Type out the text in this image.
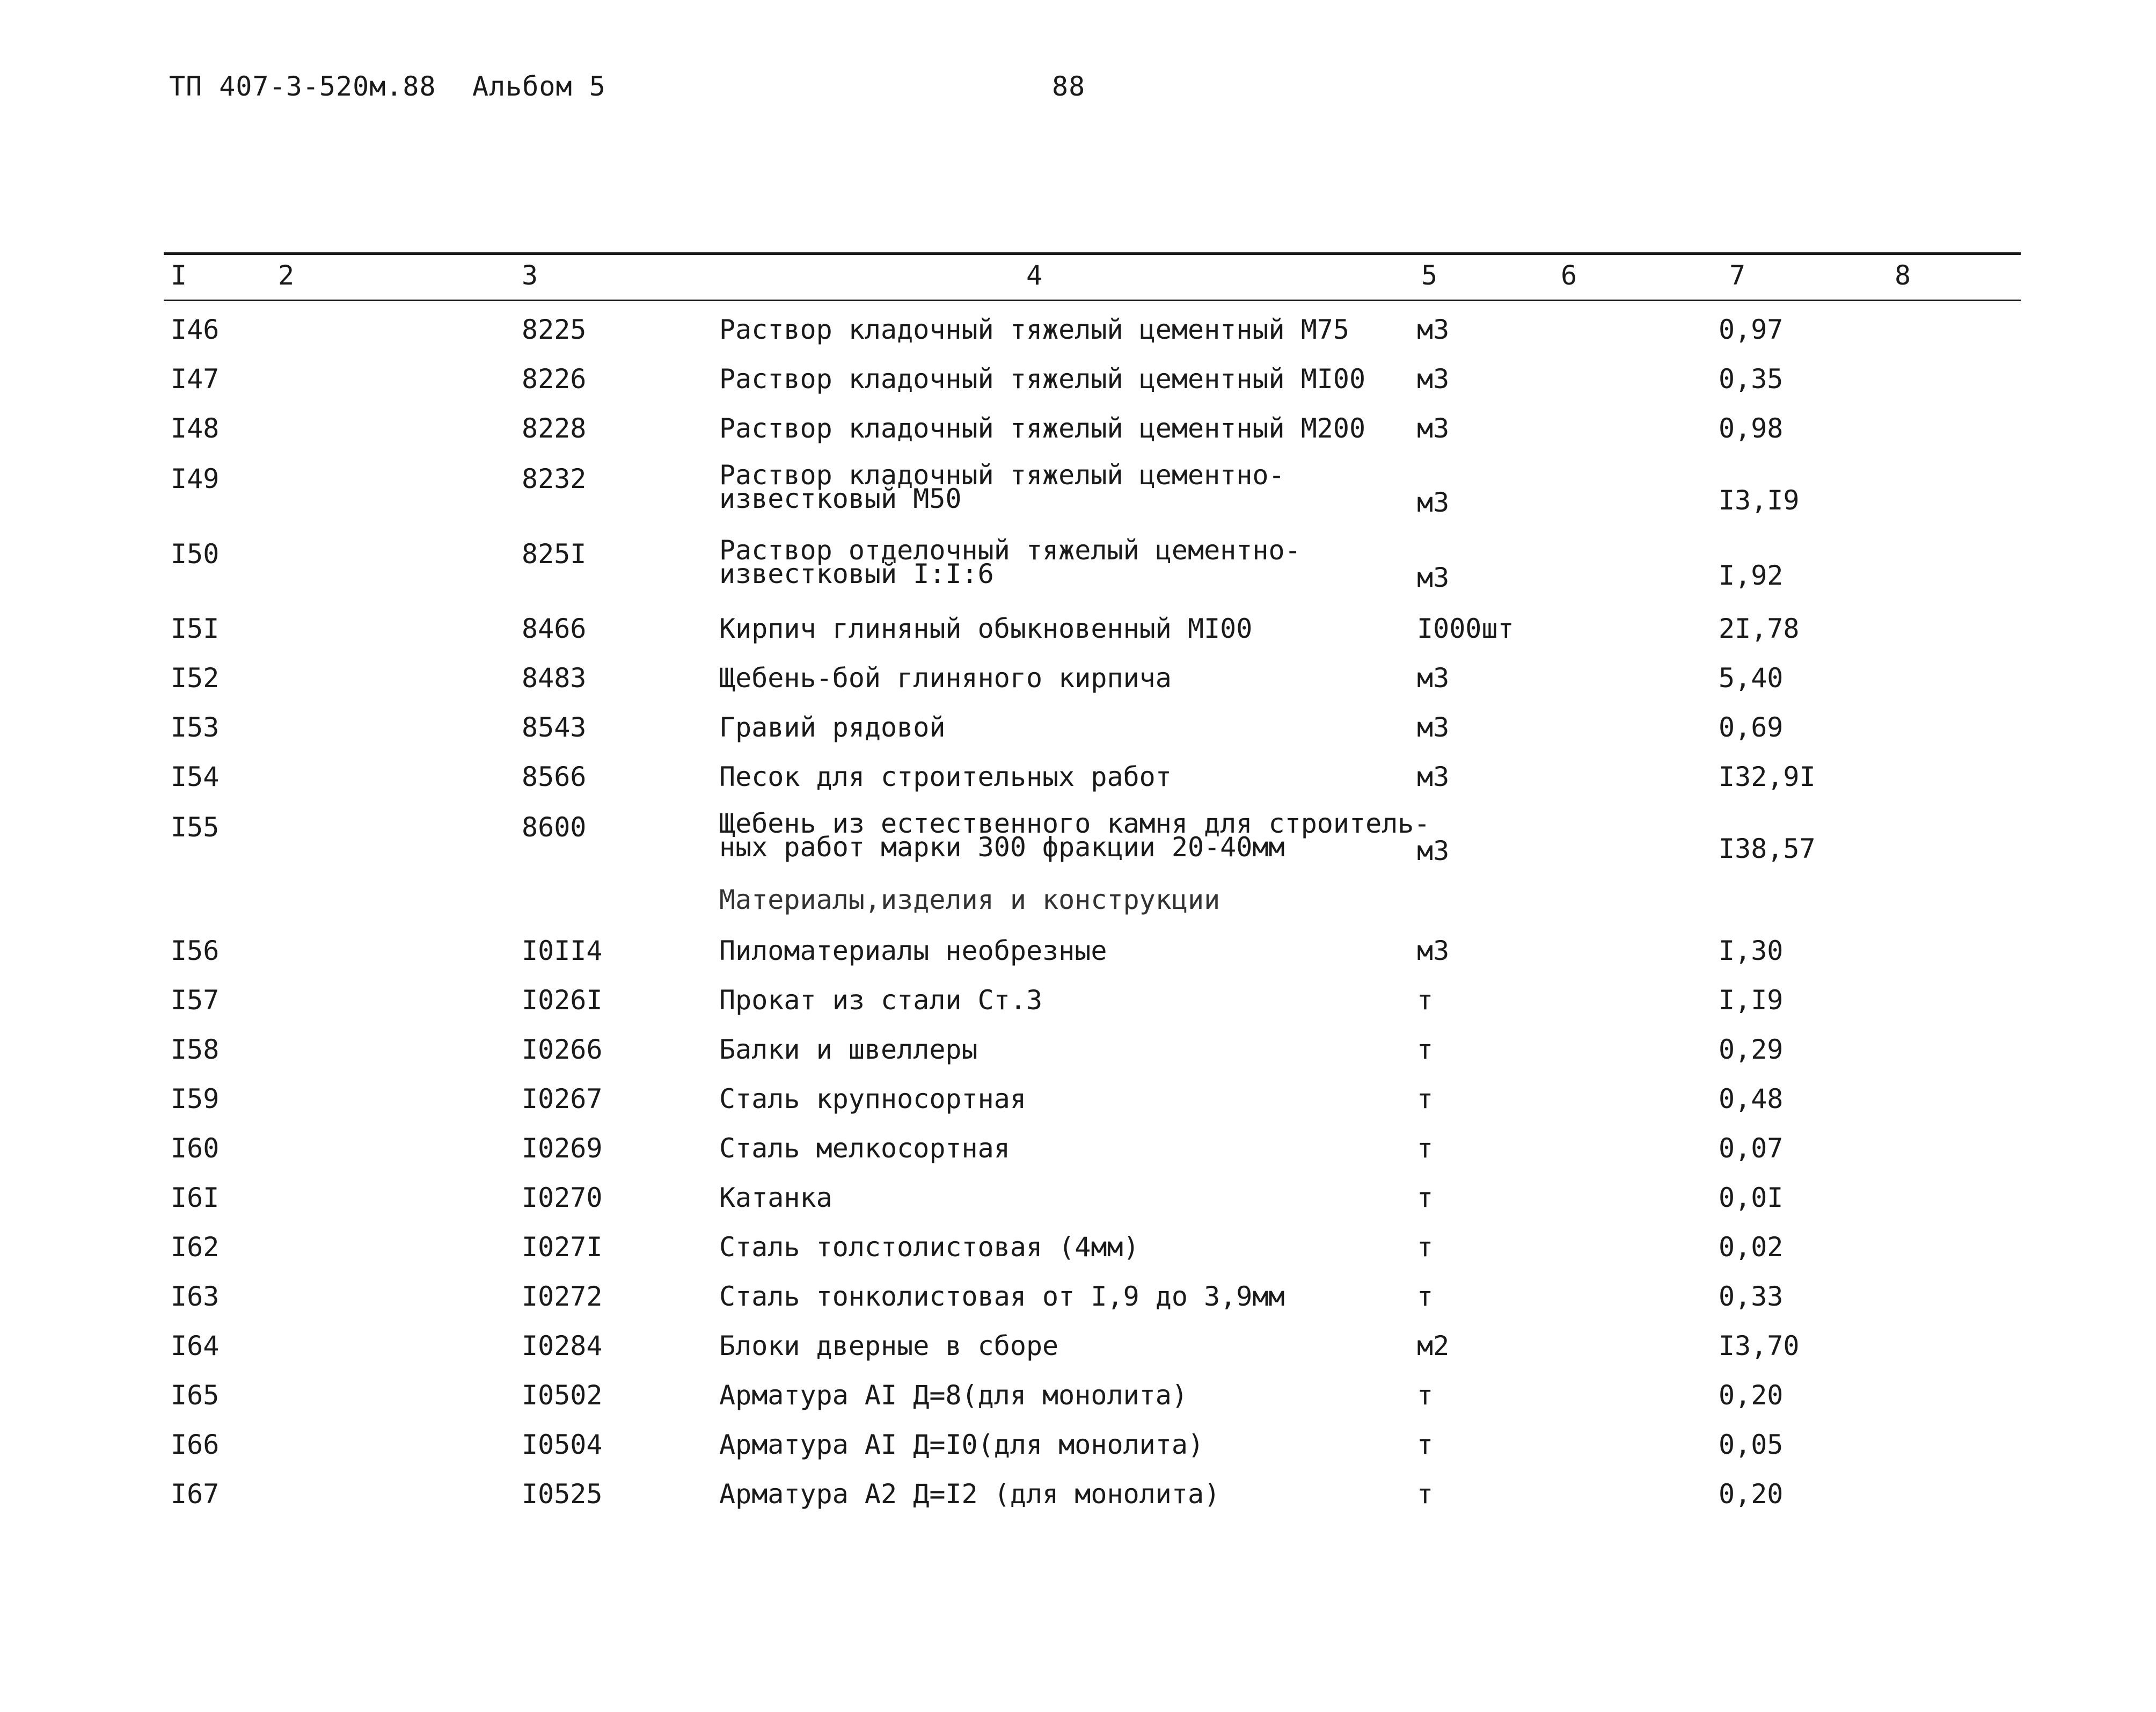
ТП 407-3-520м.88 Альбом 5	88
I	2	3	4	5	6	7	8
I46	8225	Раствор кладочный тяжелый цементный М75	м3	0,97
I47	8226	Раствор кладочный тяжелый цементный МI00 м3	0,35
I48	8228	Раствор кладочный тяжелый цементный М200 м3	0,98
I49	8232	Раствор кладочный тяжелый цементно-
известковый М50	м3	I3,I9
I50	825I	Раствор отделочный тяжелый цементно-
известковый I:I:6	м3	I,92
I5I	8466	Кирпич глиняный обыкновенный МI00	I000шт	2I,78
I52	8483	Щебень-бой глиняного кирпича	м3	5,40
I53	8543	Гравий рядовой	м3	0,69
I54	8566	Песок для строительных работ	м3	I32,9I
I55	8600	Щебень из естественного камня для строитель-
ных работ марки 300 фракции 20-40мм	м3	I38,57
Материалы,изделия и конструкции
I56	I0II4	Пиломатериалы необрезные	м3	I,30
I57	I026I	Прокат из стали Ст.3	т	I,I9
I58	I0266	Балки и швеллеры	т	0,29
I59	I0267	Сталь крупносортная	т	0,48
I60	I0269	Сталь мелкосортная	т	0,07
I6I	I0270	Катанка	т	0,0I
I62	I027I	Сталь толстолистовая (4мм)	т	0,02
I63	I0272	Сталь тонколистовая от I,9 до 3,9мм	т	0,33
I64	I0284	Блоки дверные в сборе	м2	I3,70
I65	I0502	Арматура АI Д=8(для монолита)	т	0,20
I66	I0504	Арматура АI Д=I0(для монолита)	т	0,05
I67	I0525	Арматура А2 Д=I2 (для монолита)	т	0,20
